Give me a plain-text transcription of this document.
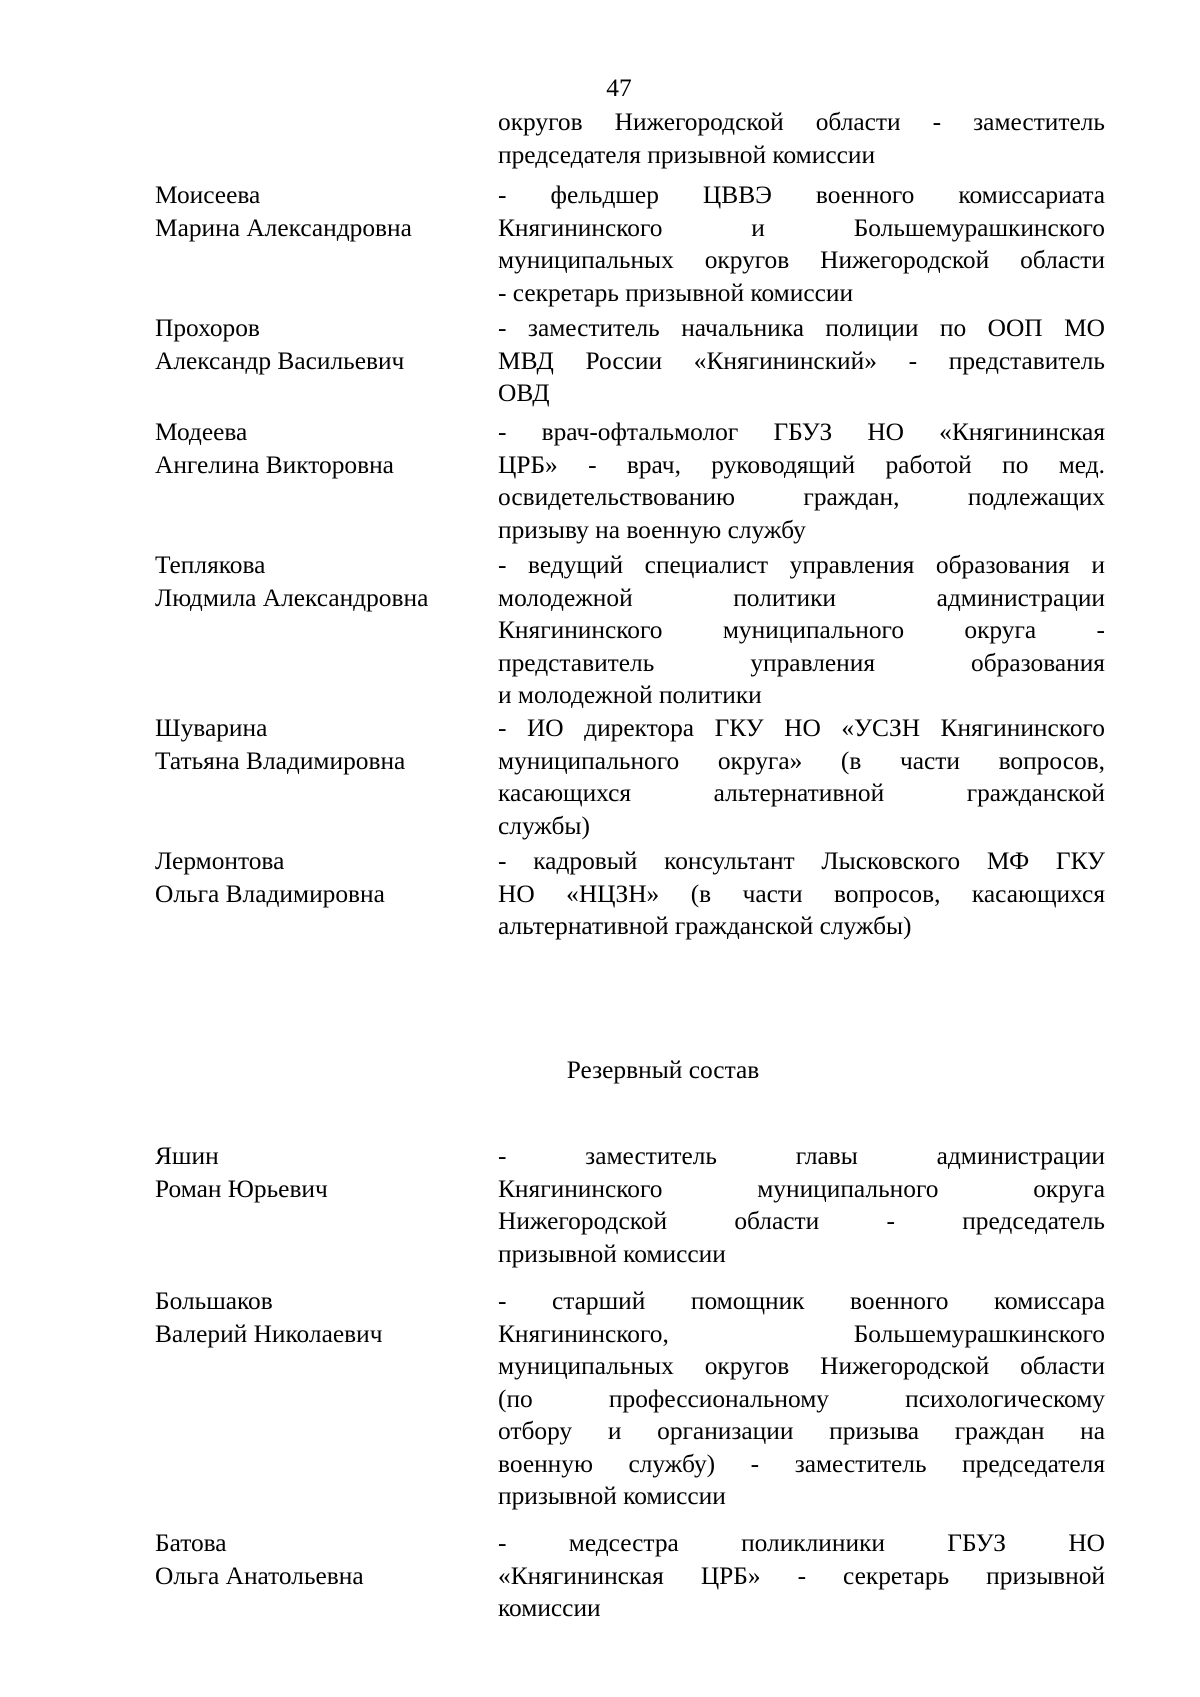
47
округов Нижегородской области - заместитель
председателя призывной комиссии
Моисеева
Марина Александровна
- фельдшер ЦВВЭ военного комиссариата
Княгининского и Большемурашкинского
муниципальных округов Нижегородской области
- секретарь призывной комиссии
Прохоров
Александр Васильевич
- заместитель начальника полиции по ООП МО
МВД России «Княгининский» - представитель
ОВД
Модеева
Ангелина Викторовна
- врач-офтальмолог ГБУЗ НО «Княгининская
ЦРБ» - врач, руководящий работой по мед.
освидетельствованию граждан, подлежащих
призыву на военную службу
Теплякова
Людмила Александровна
- ведущий специалист управления образования и
молодежной политики администрации
Княгининского муниципального округа -
представитель управления образования
и молодежной политики
Шуварина
Татьяна Владимировна
- ИО директора ГКУ НО «УСЗН Княгининского
муниципального округа» (в части вопросов,
касающихся альтернативной гражданской
службы)
Лермонтова
Ольга Владимировна
- кадровый консультант Лысковского МФ ГКУ
НО «НЦЗН» (в части вопросов, касающихся
альтернативной гражданской службы)
Резервный состав
Яшин
Роман Юрьевич
- заместитель главы администрации
Княгининского муниципального округа
Нижегородской области - председатель
призывной комиссии
Большаков
Валерий Николаевич
- старший помощник военного комиссара
Княгининского, Большемурашкинского
муниципальных округов Нижегородской области
(по профессиональному психологическому
отбору и организации призыва граждан на
военную службу) - заместитель председателя
призывной комиссии
Батова
Ольга Анатольевна
- медсестра поликлиники ГБУЗ НО
«Княгининская ЦРБ» - секретарь призывной
комиссии
